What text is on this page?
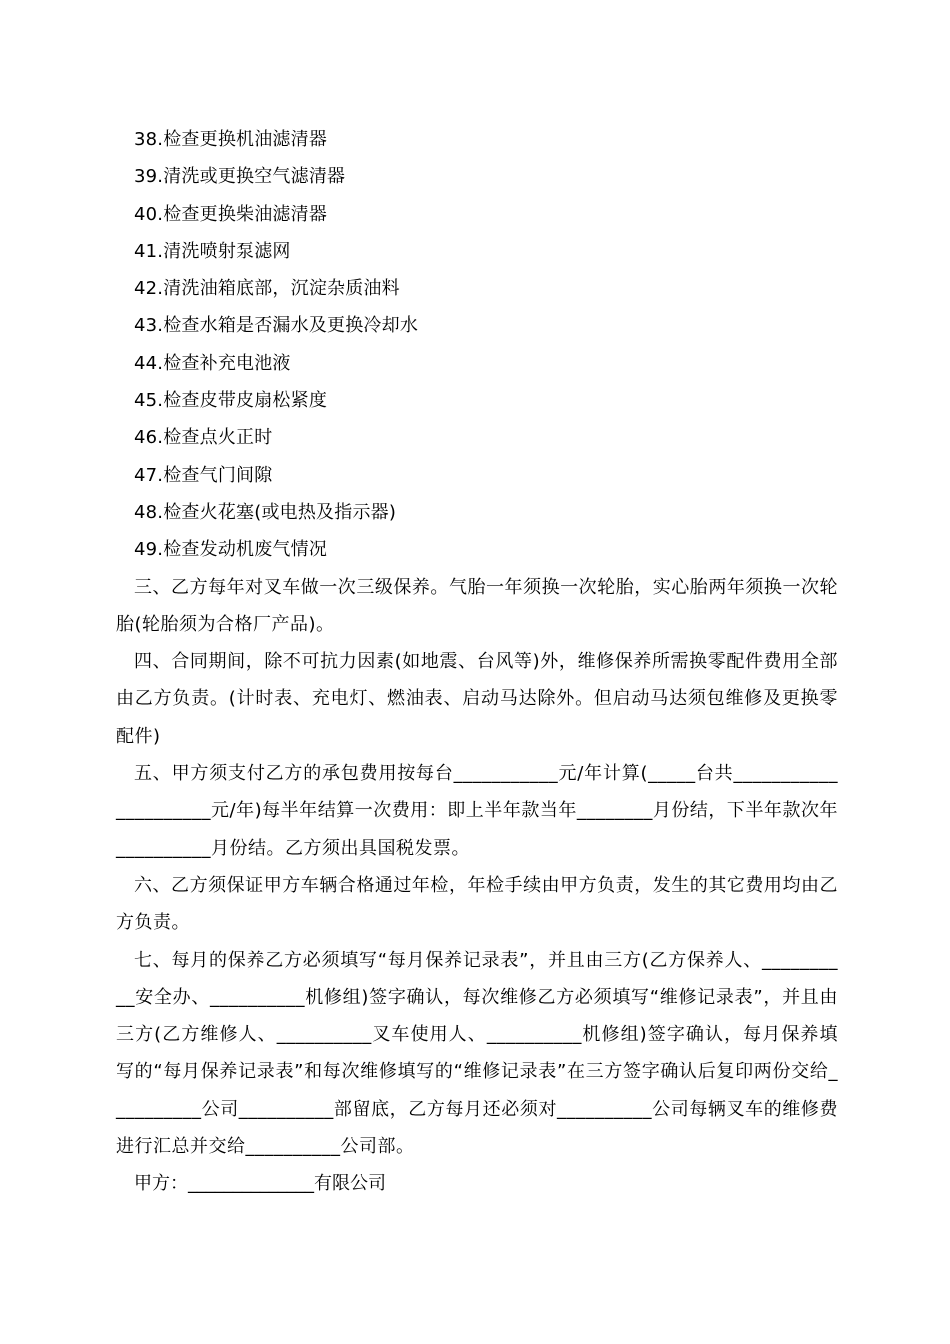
38.检查更换机油滤清器
39.清洗或更换空气滤清器
40.检查更换柴油滤清器
41.清洗喷射泵滤网
42.清洗油箱底部，沉淀杂质油料
43.检查水箱是否漏水及更换冷却水
44.检查补充电池液
45.检查皮带皮扇松紧度
46.检查点火正时
47.检查气门间隙
48.检查火花塞(或电热及指示器)
49.检查发动机废气情况

三、乙方每年对叉车做一次三级保养。气胎一年须换一次轮胎，实心胎两年须换一次轮胎(轮胎须为合格厂产品)。

四、合同期间，除不可抗力因素(如地震、台风等)外，维修保养所需换零配件费用全部由乙方负责。(计时表、充电灯、燃油表、启动马达除外。但启动马达须包维修及更换零配件)

五、甲方须支付乙方的承包费用按每台___________元/年计算(_____台共_____________________元/年)每半年结算一次费用：即上半年款当年________月份结，下半年款次年__________月份结。乙方须出具国税发票。

六、乙方须保证甲方车辆合格通过年检，年检手续由甲方负责，发生的其它费用均由乙方负责。

七、每月的保养乙方必须填写“每月保养记录表”，并且由三方(乙方保养人、__________安全办、__________机修组)签字确认，每次维修乙方必须填写“维修记录表”，并且由三方(乙方维修人、__________叉车使用人、__________机修组)签字确认，每月保养填写的“每月保养记录表”和每次维修填写的“维修记录表”在三方签字确认后复印两份交给__________公司__________部留底，乙方每月还必须对__________公司每辆叉车的维修费进行汇总并交给__________公司部。

甲方：______________有限公司
